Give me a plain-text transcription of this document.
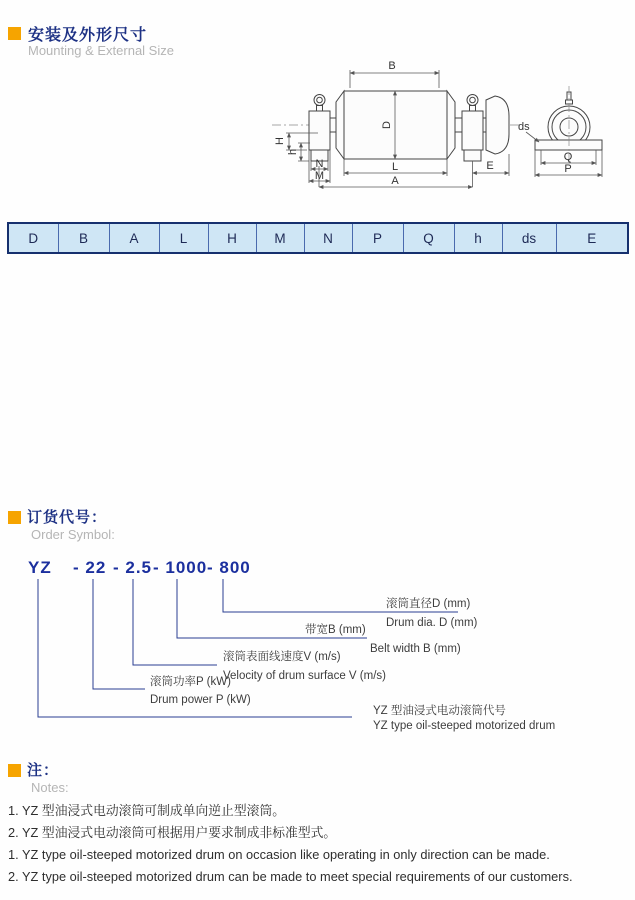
安装及外形尺寸
Mounting & External Size
B
D
H
h
N
M
L
A
E
ds
Q
P
D	B	A	L	H	M	N	P	Q	h	ds	E
订货代号：
Order Symbol:
YZ - 22 - 2.5 - 1000 - 800
滚筒直径D (mm)
Drum dia. D (mm)
带宽B (mm)
Belt width B (mm)
滚筒表面线速度V (m/s)
Velocity of drum surface V (m/s)
滚筒功率P (kW)
Drum power P (kW)
YZ 型油浸式电动滚筒代号
YZ type oil-steeped motorized drum
注：
Notes:
1. YZ 型油浸式电动滚筒可制成单向逆止型滚筒。
2. YZ 型油浸式电动滚筒可根据用户要求制成非标准型式。
1. YZ type oil-steeped motorized drum on occasion like operating in only direction can be made.
2. YZ type oil-steeped motorized drum can be made to meet special requirements of our customers.
